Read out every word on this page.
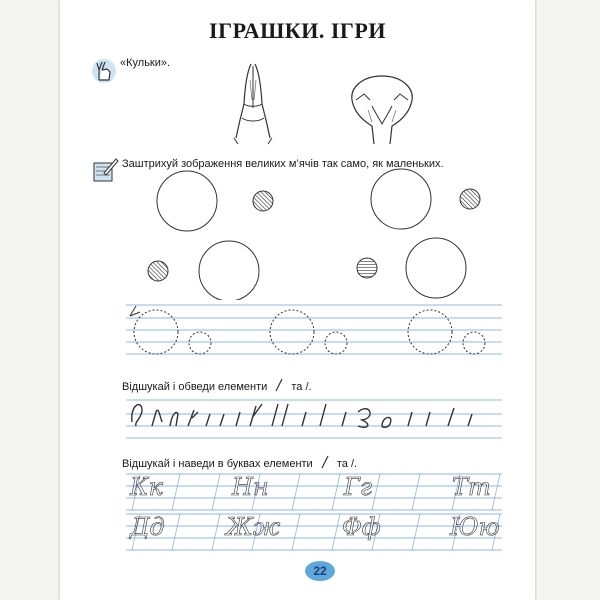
ІГРАШКИ. ІГРИ
«Кульки».
Заштрихуй зображення великих м’ячів так само, як маленьких.
Відшукай і обведи елементи та /.
Відшукай і наведи в буквах елементи та /.
Кк	Нн	Гг	Тт
Дд	Жж	Фф	Юю
22
